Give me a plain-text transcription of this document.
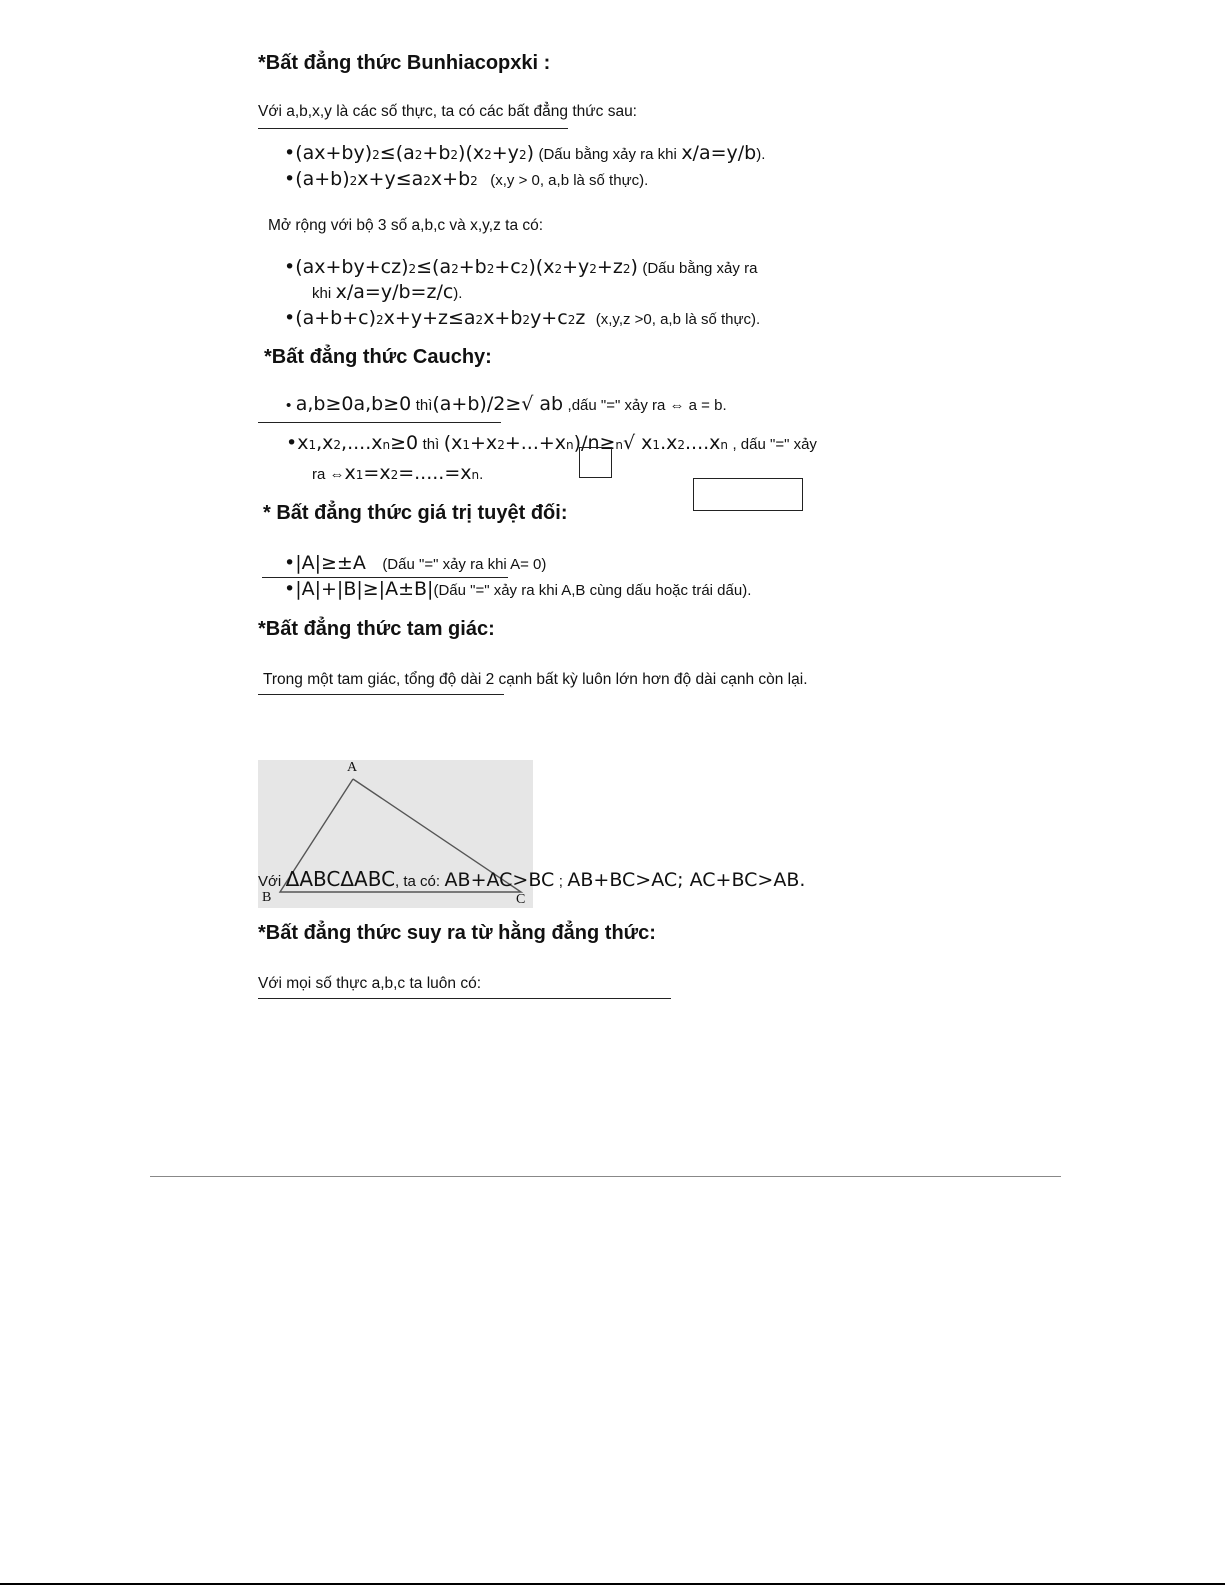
*Bất đẳng thức Bunhiacopxki :
Với a,b,x,y là các số thực, ta có các bất đẳng thức sau:
•(ax+by)2≤(a2+b2)(x2+y2) (Dấu bằng xảy ra khi x/a=y/b).
•(a+b)2x+y≤a2x+b2 (x,y > 0, a,b là số thực).
Mở rộng với bộ 3 số a,b,c và x,y,z ta có:
•(ax+by+cz)2≤(a2+b2+c2)(x2+y2+z2) (Dấu bằng xảy ra
khi x/a=y/b=z/c).
•(a+b+c)2x+y+z≤a2x+b2y+c2z (x,y,z >0, a,b là số thực).
*Bất đẳng thức Cauchy:
• a,b≥0a,b≥0 thì(a+b)/2≥√ ab ,dấu "=" xảy ra ⇔ a = b.
•x1,x2,....xn≥0 thì (x1+x2+...+xn)/n≥n√ x1.x2....xn , dấu "=" xảy
ra ⇔x1=x2=.....=xn.
* Bất đẳng thức giá trị tuyệt đối:
•|A|≥±A (Dấu "=" xảy ra khi A= 0)
•|A|+|B|≥|A±B|(Dấu "=" xảy ra khi A,B cùng dấu hoặc trái dấu).
*Bất đẳng thức tam giác:
Trong một tam giác, tổng độ dài 2 cạnh bất kỳ luôn lớn hơn độ dài cạnh còn lại.
A
B	C
Với ΔABCΔABC, ta có: AB+AC>BC ; AB+BC>AC; AC+BC>AB.
*Bất đẳng thức suy ra từ hằng đẳng thức:
Với mọi số thực a,b,c ta luôn có:
